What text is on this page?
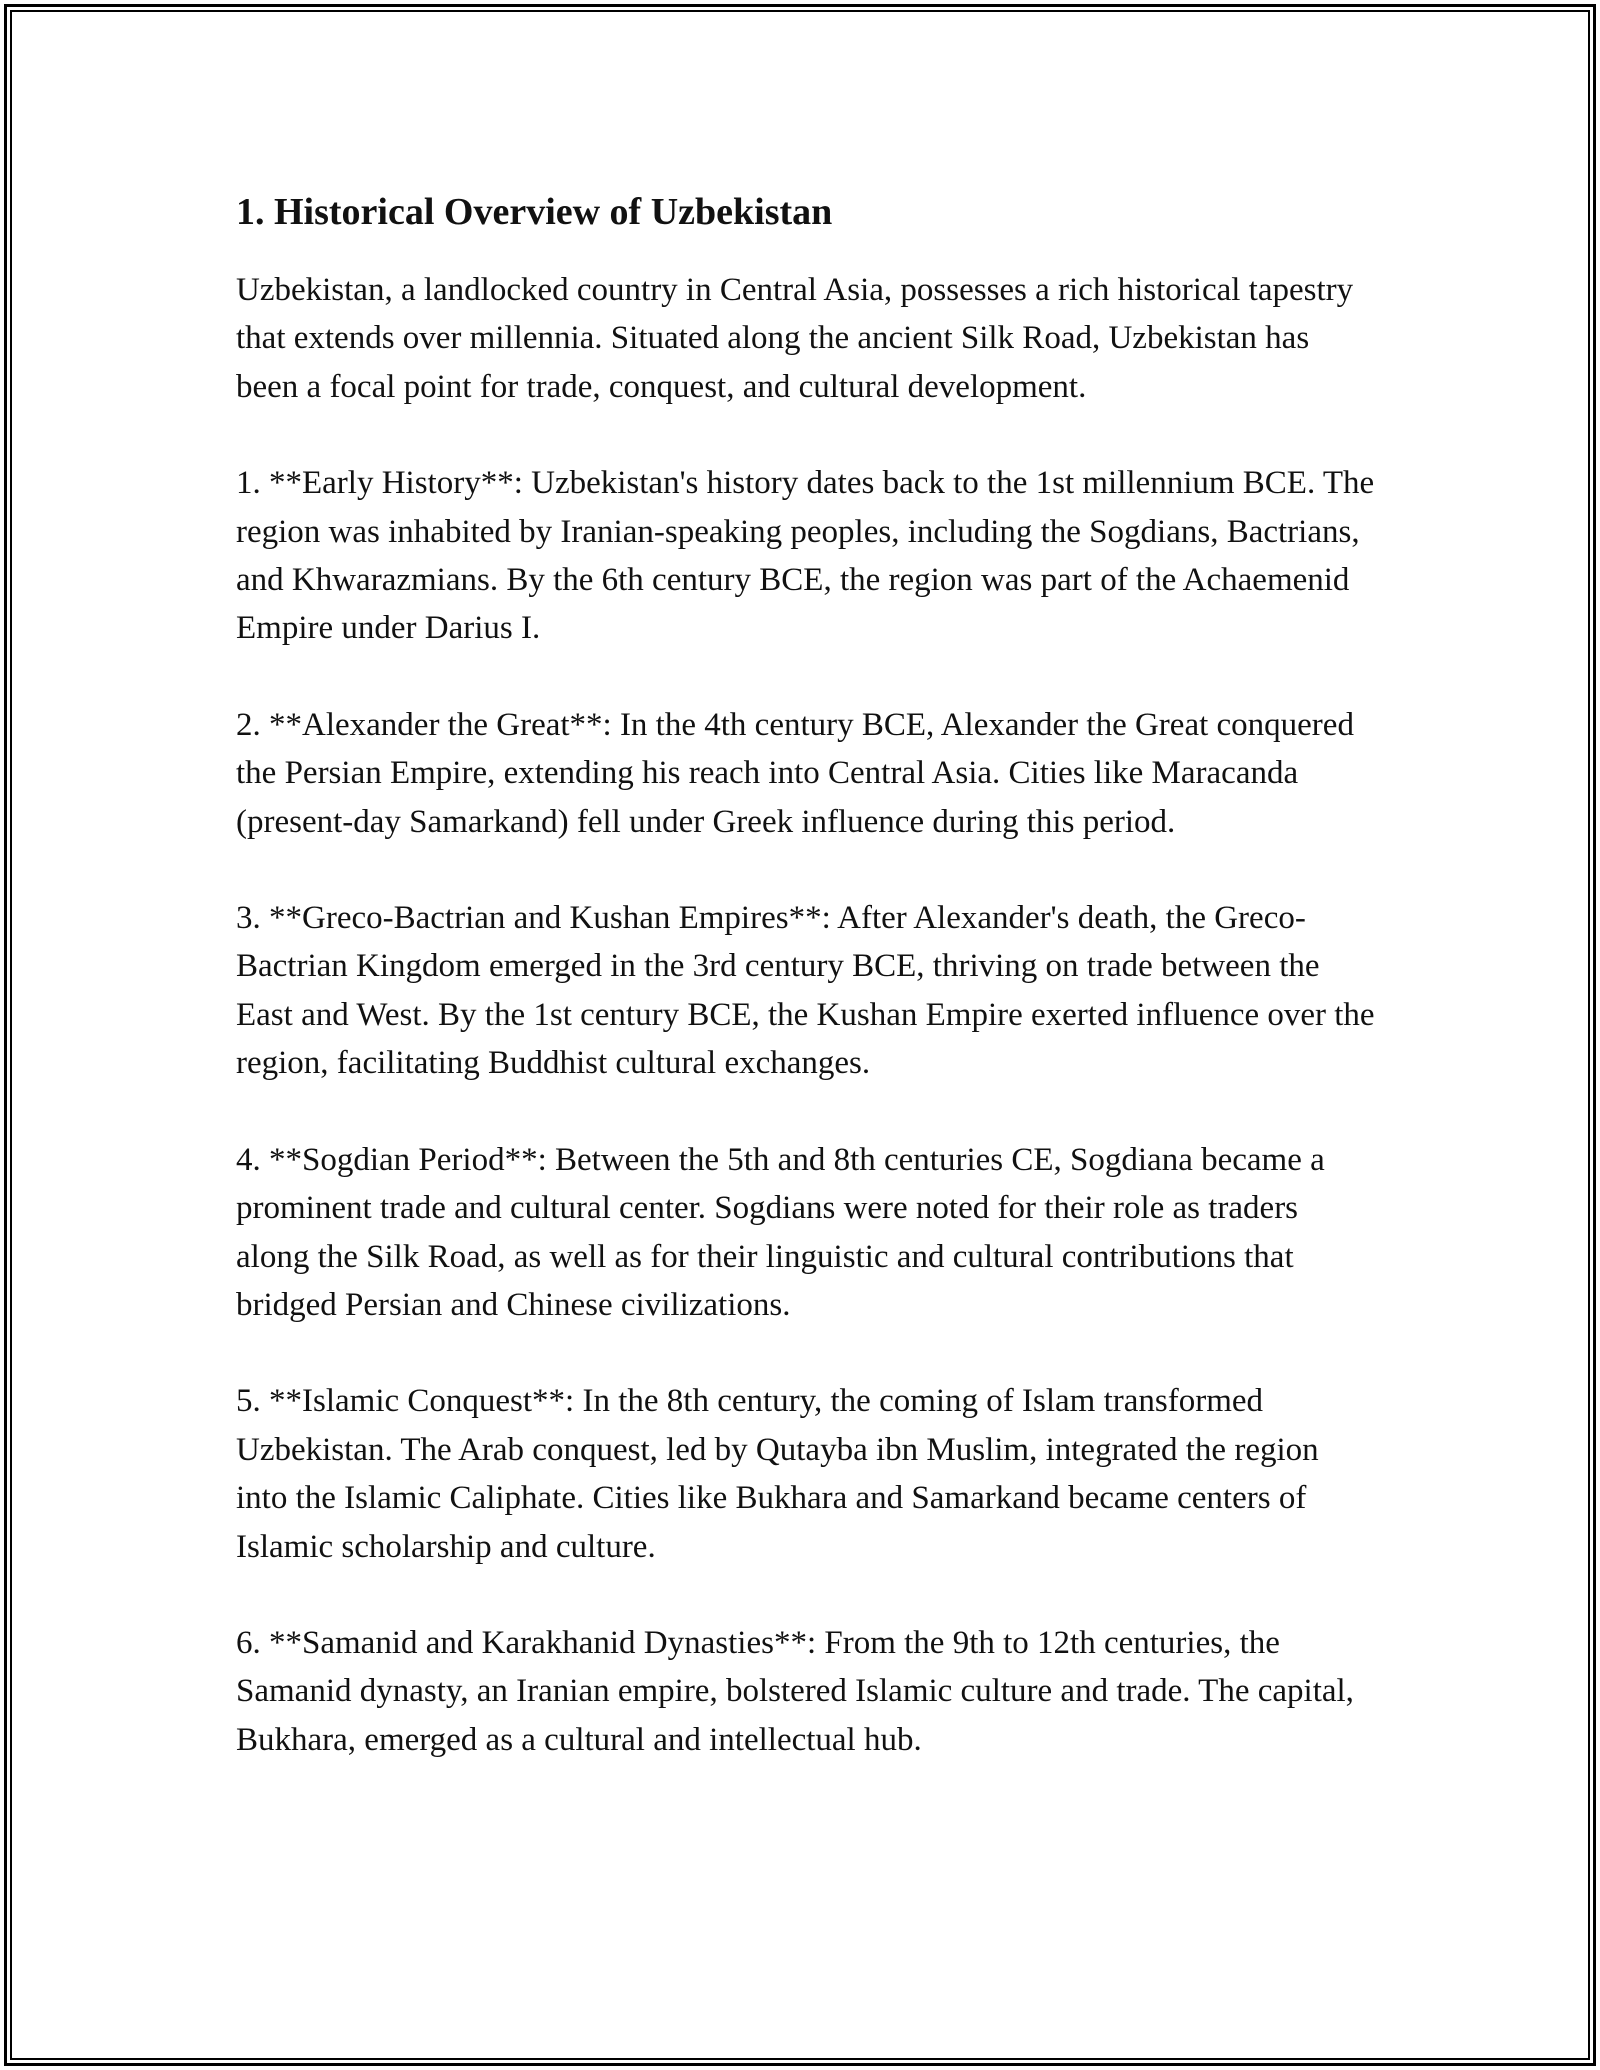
1. Historical Overview of Uzbekistan

Uzbekistan, a landlocked country in Central Asia, possesses a rich historical tapestry that extends over millennia. Situated along the ancient Silk Road, Uzbekistan has been a focal point for trade, conquest, and cultural development.

1. **Early History**: Uzbekistan's history dates back to the 1st millennium BCE. The region was inhabited by Iranian-speaking peoples, including the Sogdians, Bactrians, and Khwarazmians. By the 6th century BCE, the region was part of the Achaemenid Empire under Darius I.

2. **Alexander the Great**: In the 4th century BCE, Alexander the Great conquered the Persian Empire, extending his reach into Central Asia. Cities like Maracanda (present-day Samarkand) fell under Greek influence during this period.

3. **Greco-Bactrian and Kushan Empires**: After Alexander's death, the Greco-Bactrian Kingdom emerged in the 3rd century BCE, thriving on trade between the East and West. By the 1st century BCE, the Kushan Empire exerted influence over the region, facilitating Buddhist cultural exchanges.

4. **Sogdian Period**: Between the 5th and 8th centuries CE, Sogdiana became a prominent trade and cultural center. Sogdians were noted for their role as traders along the Silk Road, as well as for their linguistic and cultural contributions that bridged Persian and Chinese civilizations.

5. **Islamic Conquest**: In the 8th century, the coming of Islam transformed Uzbekistan. The Arab conquest, led by Qutayba ibn Muslim, integrated the region into the Islamic Caliphate. Cities like Bukhara and Samarkand became centers of Islamic scholarship and culture.

6. **Samanid and Karakhanid Dynasties**: From the 9th to 12th centuries, the Samanid dynasty, an Iranian empire, bolstered Islamic culture and trade. The capital, Bukhara, emerged as a cultural and intellectual hub.
